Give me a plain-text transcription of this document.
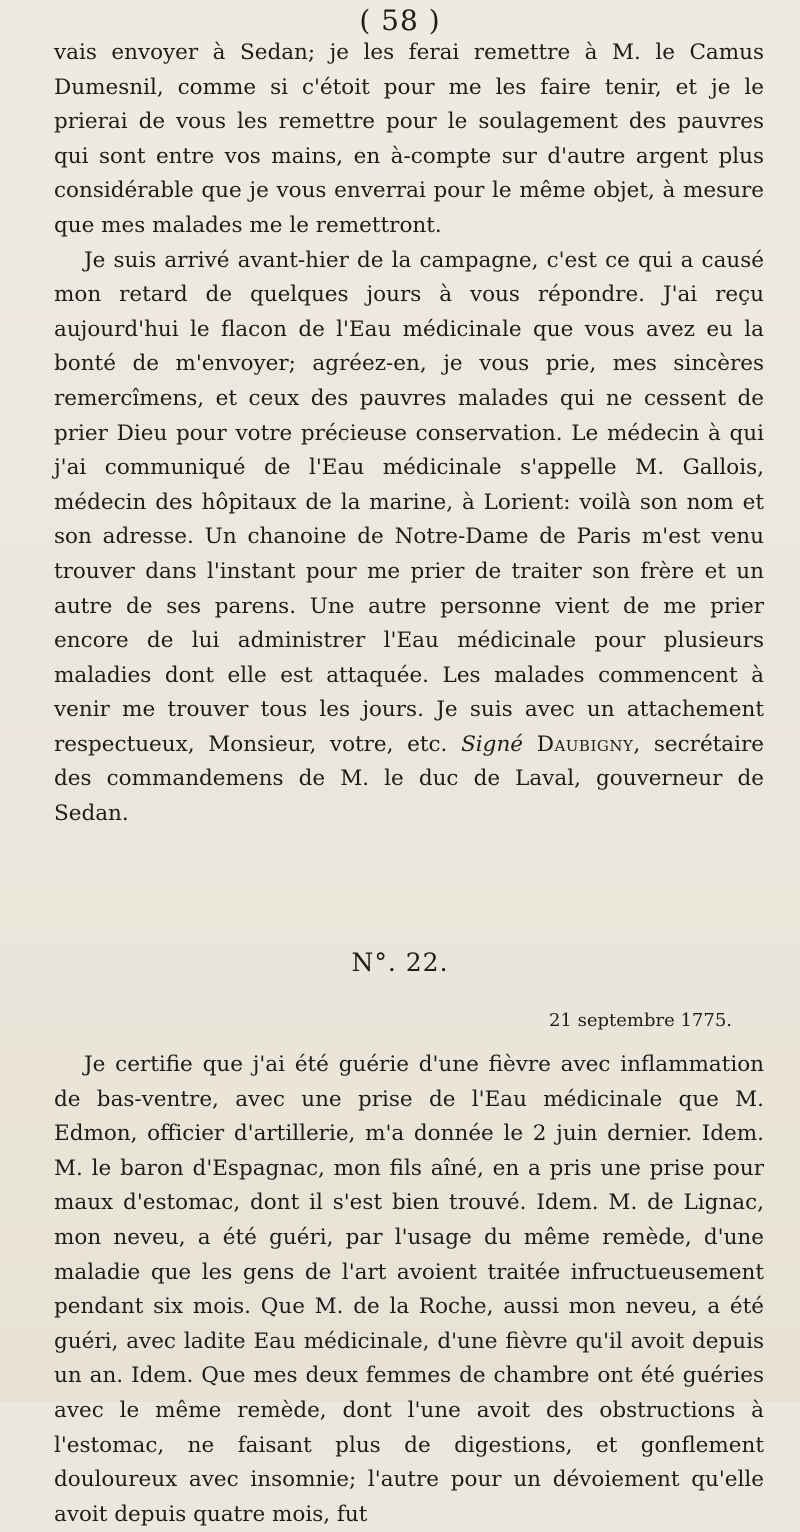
( 58 )

vais envoyer à Sedan; je les ferai remettre à M. le Camus Dumesnil, comme si c'étoit pour me les faire tenir, et je le prierai de vous les remettre pour le soulagement des pauvres qui sont entre vos mains, en à-compte sur d'autre argent plus considérable que je vous enverrai pour le même objet, à mesure que mes malades me le remettront.

Je suis arrivé avant-hier de la campagne, c'est ce qui a causé mon retard de quelques jours à vous répondre. J'ai reçu aujourd'hui le flacon de l'Eau médicinale que vous avez eu la bonté de m'envoyer; agréez-en, je vous prie, mes sincères remercîmens, et ceux des pauvres malades qui ne cessent de prier Dieu pour votre précieuse conservation. Le médecin à qui j'ai communiqué de l'Eau médicinale s'appelle M. Gallois, médecin des hôpitaux de la marine, à Lorient: voilà son nom et son adresse. Un chanoine de Notre-Dame de Paris m'est venu trouver dans l'instant pour me prier de traiter son frère et un autre de ses parens. Une autre personne vient de me prier encore de lui administrer l'Eau médicinale pour plusieurs maladies dont elle est attaquée. Les malades commencent à venir me trouver tous les jours. Je suis avec un attachement respectueux, Monsieur, votre, etc. Signé Daubigny, secrétaire des commandemens de M. le duc de Laval, gouverneur de Sedan.

N°. 22.
21 septembre 1775.

Je certifie que j'ai été guérie d'une fièvre avec inflammation de bas-ventre, avec une prise de l'Eau médicinale que M. Edmon, officier d'artillerie, m'a donnée le 2 juin dernier. Idem. M. le baron d'Espagnac, mon fils aîné, en a pris une prise pour maux d'estomac, dont il s'est bien trouvé. Idem. M. de Lignac, mon neveu, a été guéri, par l'usage du même remède, d'une maladie que les gens de l'art avoient traitée infructueusement pendant six mois. Que M. de la Roche, aussi mon neveu, a été guéri, avec ladite Eau médicinale, d'une fièvre qu'il avoit depuis un an. Idem. Que mes deux femmes de chambre ont été guéries avec le même remède, dont l'une avoit des obstructions à l'estomac, ne faisant plus de digestions, et gonflement douloureux avec insomnie; l'autre pour un dévoiement qu'elle avoit depuis quatre mois, fut
